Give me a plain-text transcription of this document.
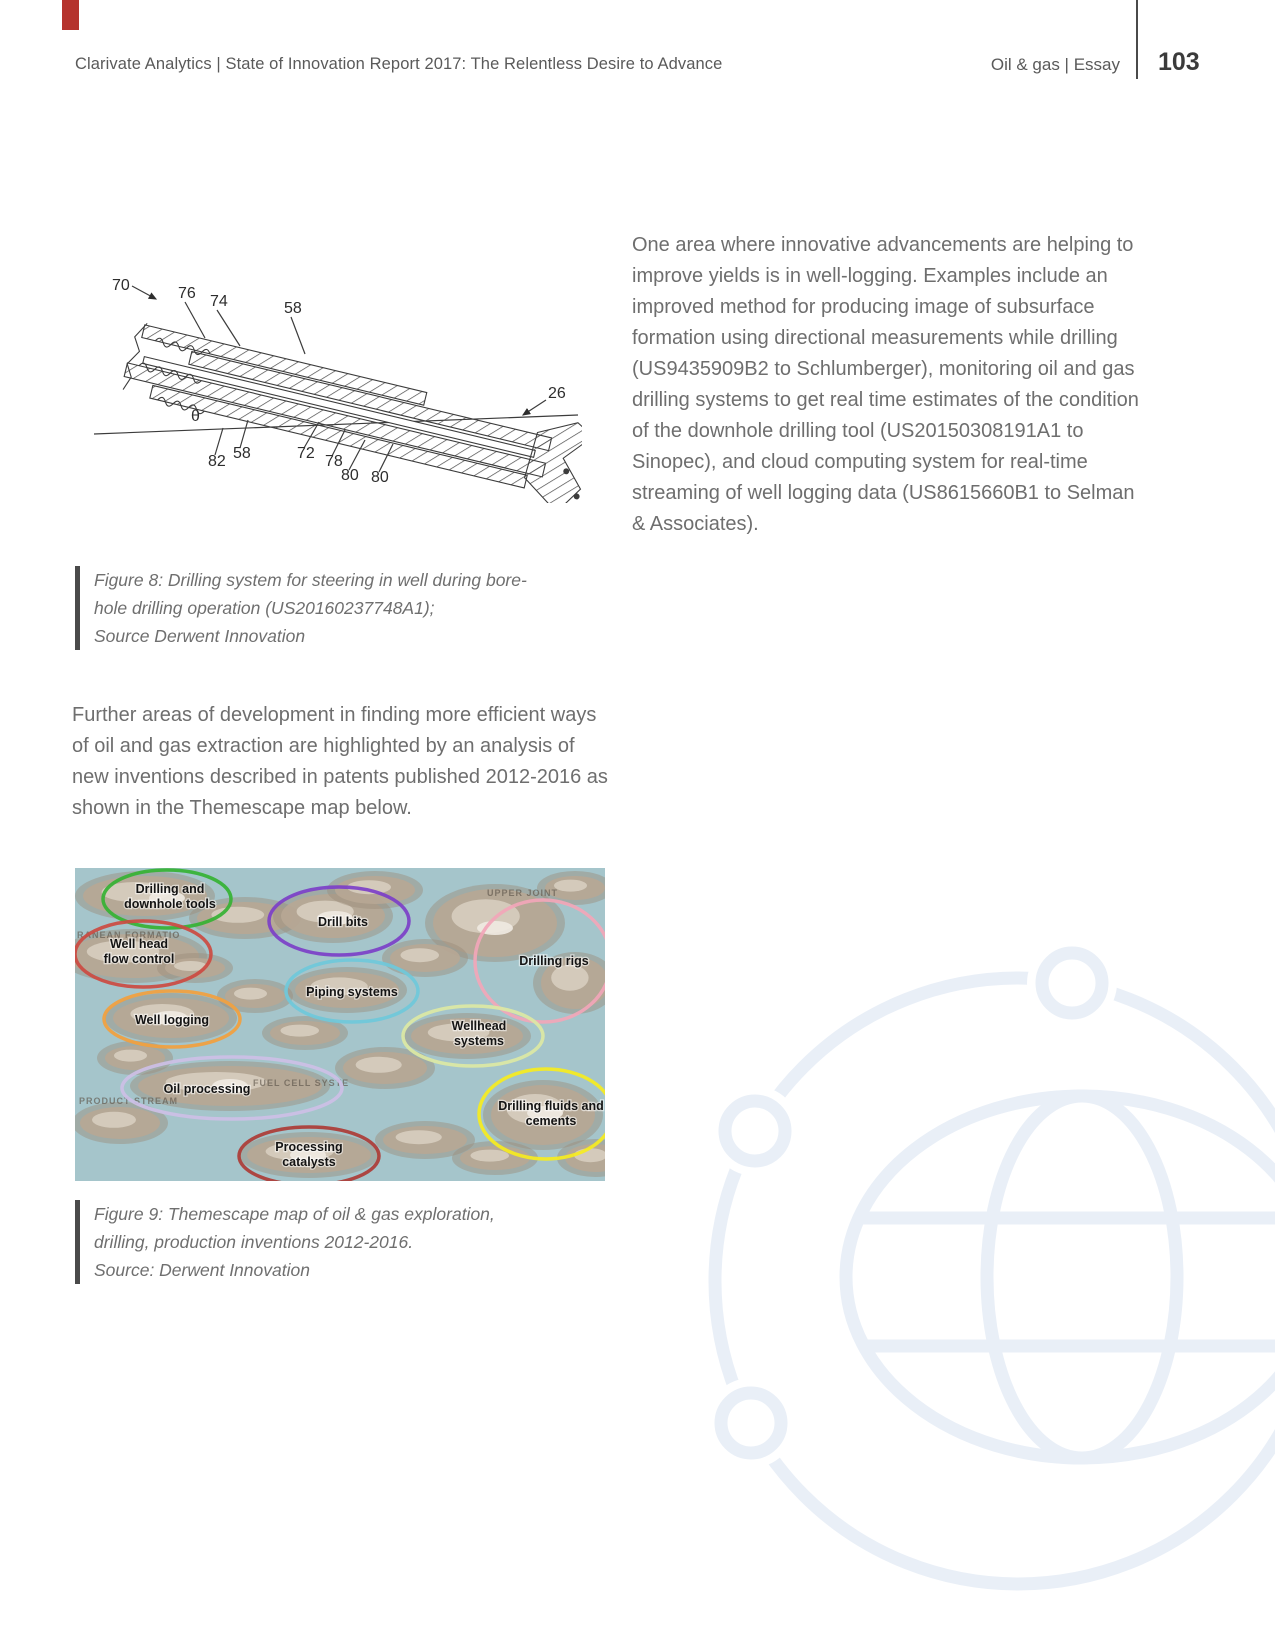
Clarivate Analytics | State of Innovation Report 2017: The Relentless Desire to Advance	Oil & gas | Essay 103
70	76 74	58
26
82 58	72 78
80 80
θ
Figure 8: Drilling system for steering in well during bore-
hole drilling operation (US20160237748A1);
Source Derwent Innovation
One area where innovative advancements are helping to improve yields is in well-logging. Examples include an improved method for producing image of subsurface formation using directional measurements while drilling (US9435909B2 to Schlumberger), monitoring oil and gas drilling systems to get real time estimates of the condition of the downhole drilling tool (US20150308191A1 to Sinopec), and cloud computing system for real-time streaming of well logging data (US8615660B1 to Selman & Associates).
Further areas of development in finding more efficient ways of oil and gas extraction are highlighted by an analysis of new inventions described in patents published 2012-2016 as shown in the Themescape map below.
RANEAN FORMATIO
UPPER JOINT
FUEL CELL SYSTE
PRODUCT STREAM
Drilling and
downhole tools
Well head
flow control
Drill bits
Drilling rigs
Piping systems
Well logging	Wellhead
systems
Oil processing
Drilling fluids and
cements
Processing
catalysts
Figure 9: Themescape map of oil & gas exploration,
drilling, production inventions 2012-2016.
Source: Derwent Innovation
